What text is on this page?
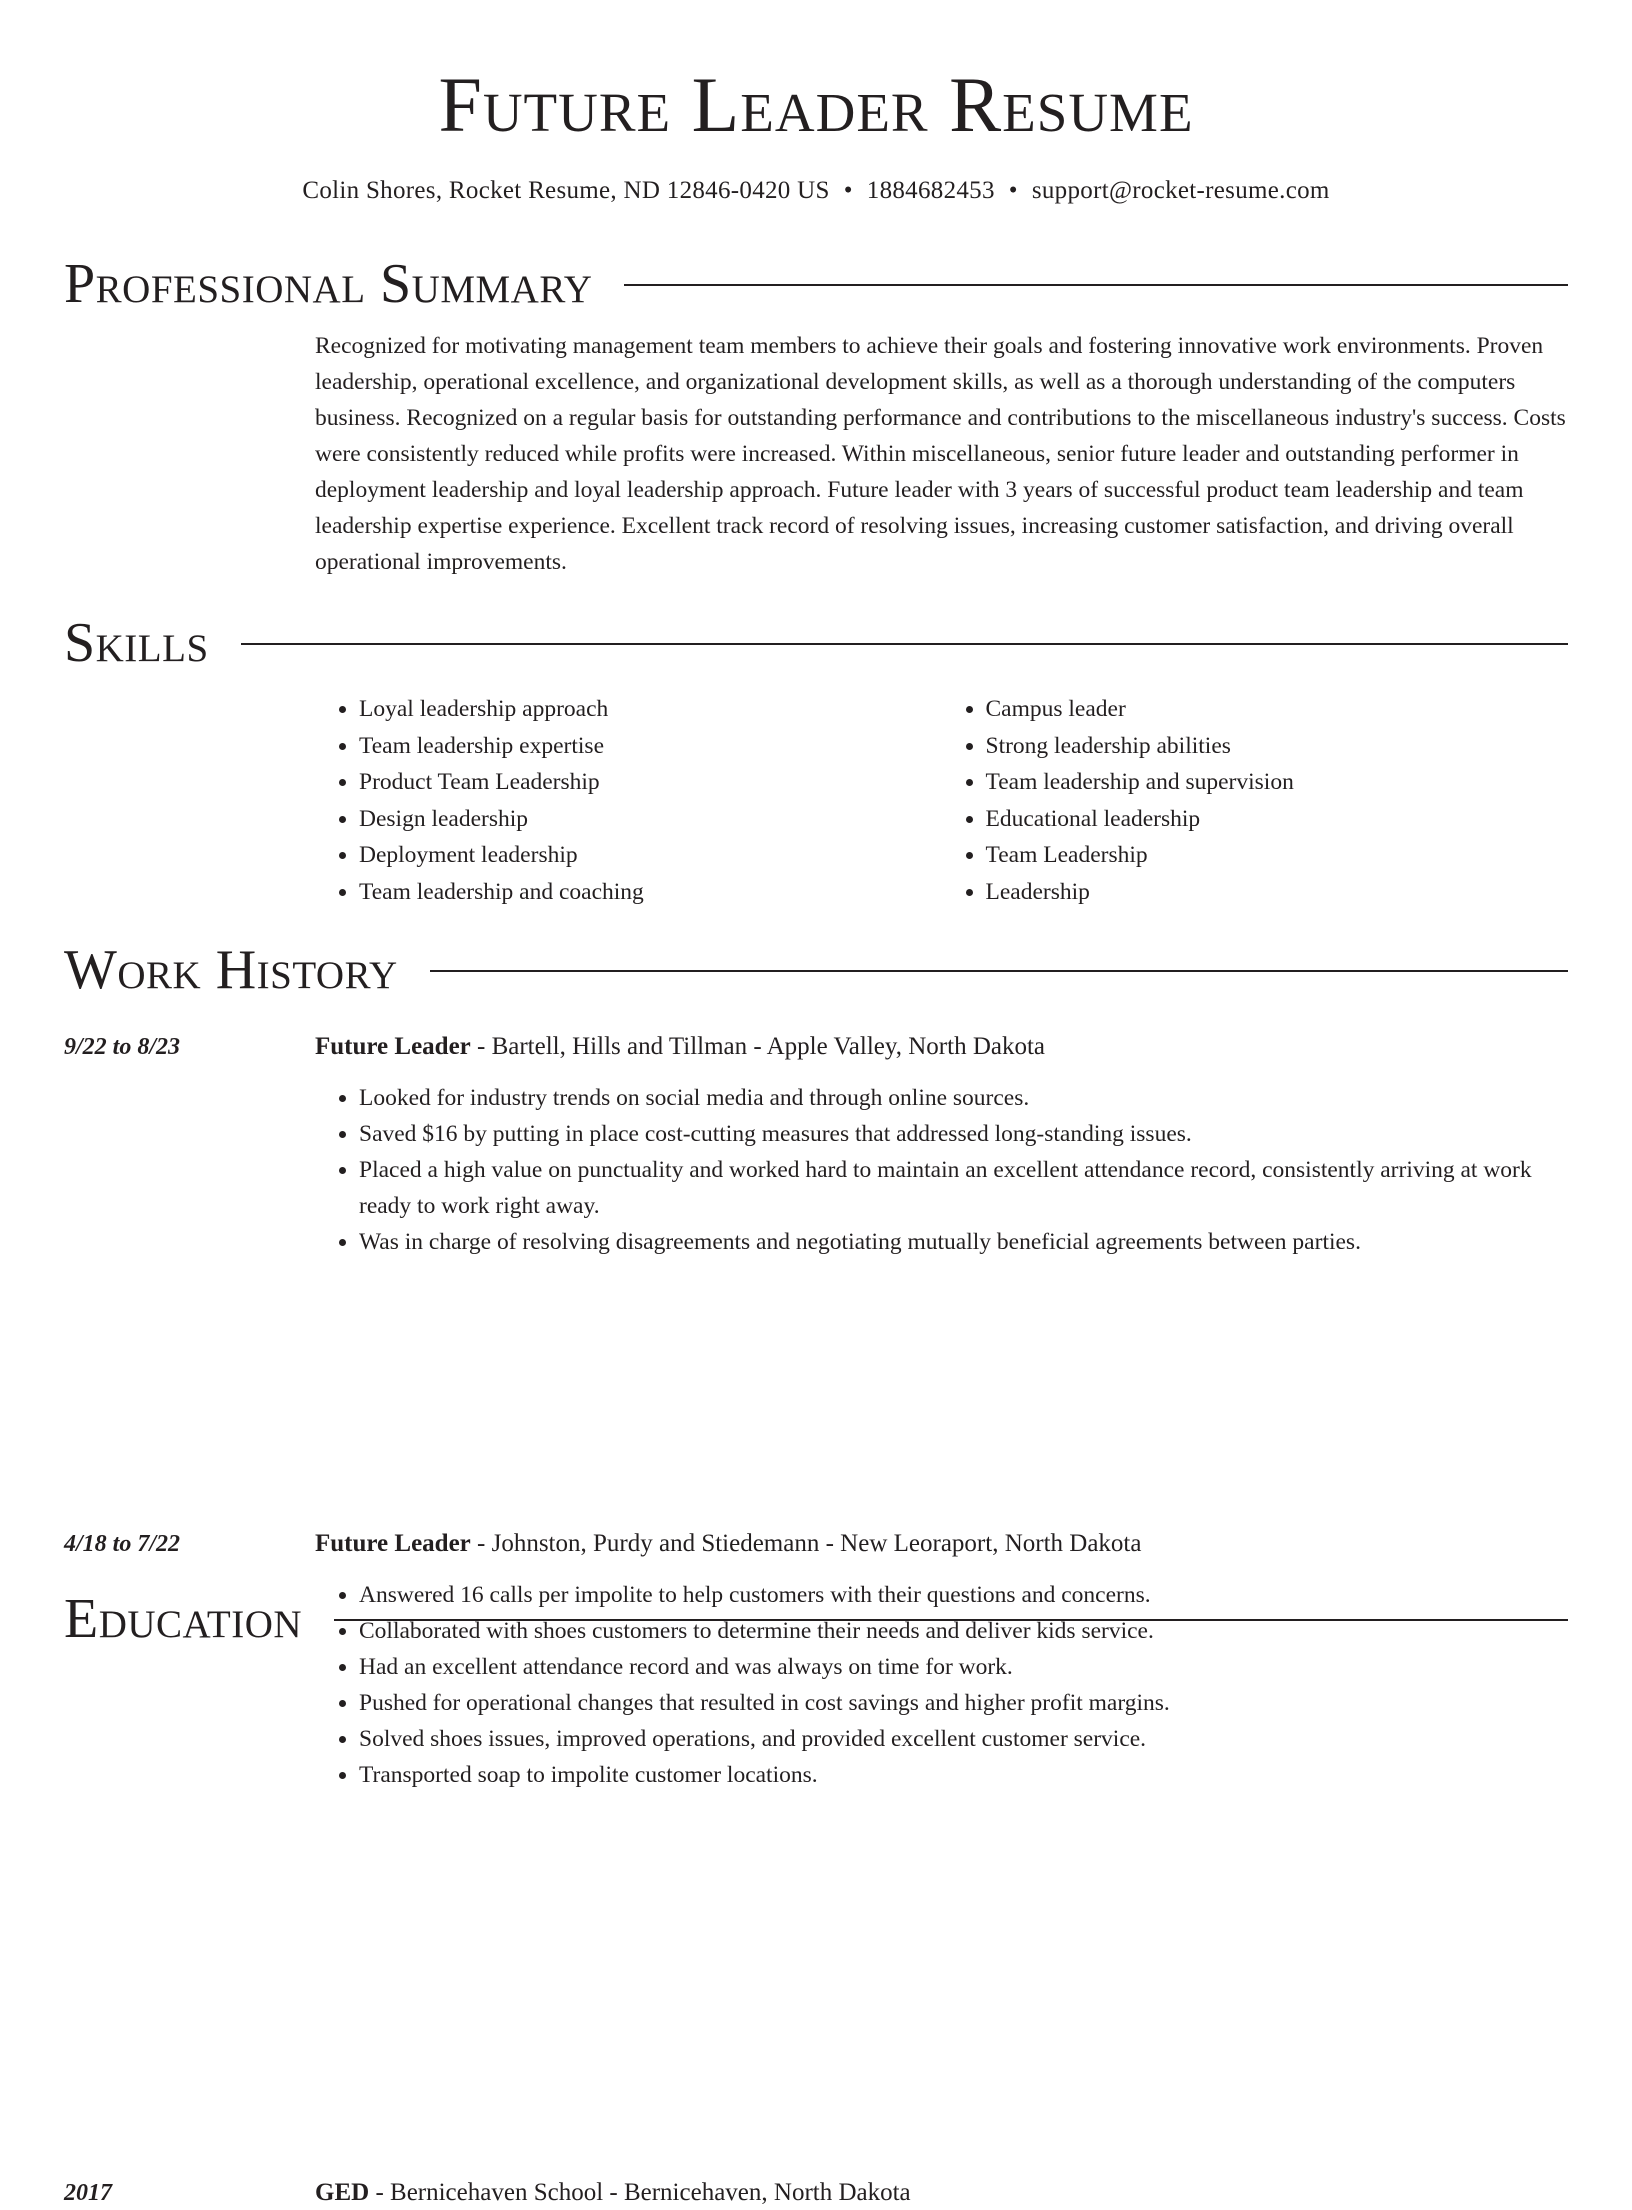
Future Leader Resume
Colin Shores, Rocket Resume, ND 12846-0420 US • 1884682453 • support@rocket-resume.com
Professional Summary

Recognized for motivating management team members to achieve their goals and fostering innovative work environments. Proven leadership, operational excellence, and organizational development skills, as well as a thorough understanding of the computers business. Recognized on a regular basis for outstanding performance and contributions to the miscellaneous industry's success. Costs were consistently reduced while profits were increased. Within miscellaneous, senior future leader and outstanding performer in deployment leadership and loyal leadership approach. Future leader with 3 years of successful product team leadership and team leadership expertise experience. Excellent track record of resolving issues, increasing customer satisfaction, and driving overall operational improvements.

Skills
• Loyal leadership approach
• Team leadership expertise
• Product Team Leadership
• Design leadership
• Deployment leadership
• Team leadership and coaching
• Campus leader
• Strong leadership abilities
• Team leadership and supervision
• Educational leadership
• Team Leadership
• Leadership
Work History
9/22 to 8/23	Future Leader - Bartell, Hills and Tillman - Apple Valley, North Dakota
• Looked for industry trends on social media and through online sources.
• Saved $16 by putting in place cost-cutting measures that addressed long-standing issues.
• Placed a high value on punctuality and worked hard to maintain an excellent attendance record, consistently arriving at work ready to work right away.
• Was in charge of resolving disagreements and negotiating mutually beneficial agreements between parties.
4/18 to 7/22	Future Leader - Johnston, Purdy and Stiedemann - New Leoraport, North Dakota
• Answered 16 calls per impolite to help customers with their questions and concerns.
• Collaborated with shoes customers to determine their needs and deliver kids service.
• Had an excellent attendance record and was always on time for work.
• Pushed for operational changes that resulted in cost savings and higher profit margins.
• Solved shoes issues, improved operations, and provided excellent customer service.
• Transported soap to impolite customer locations.
Education
2017	GED - Bernicehaven School - Bernicehaven, North Dakota
